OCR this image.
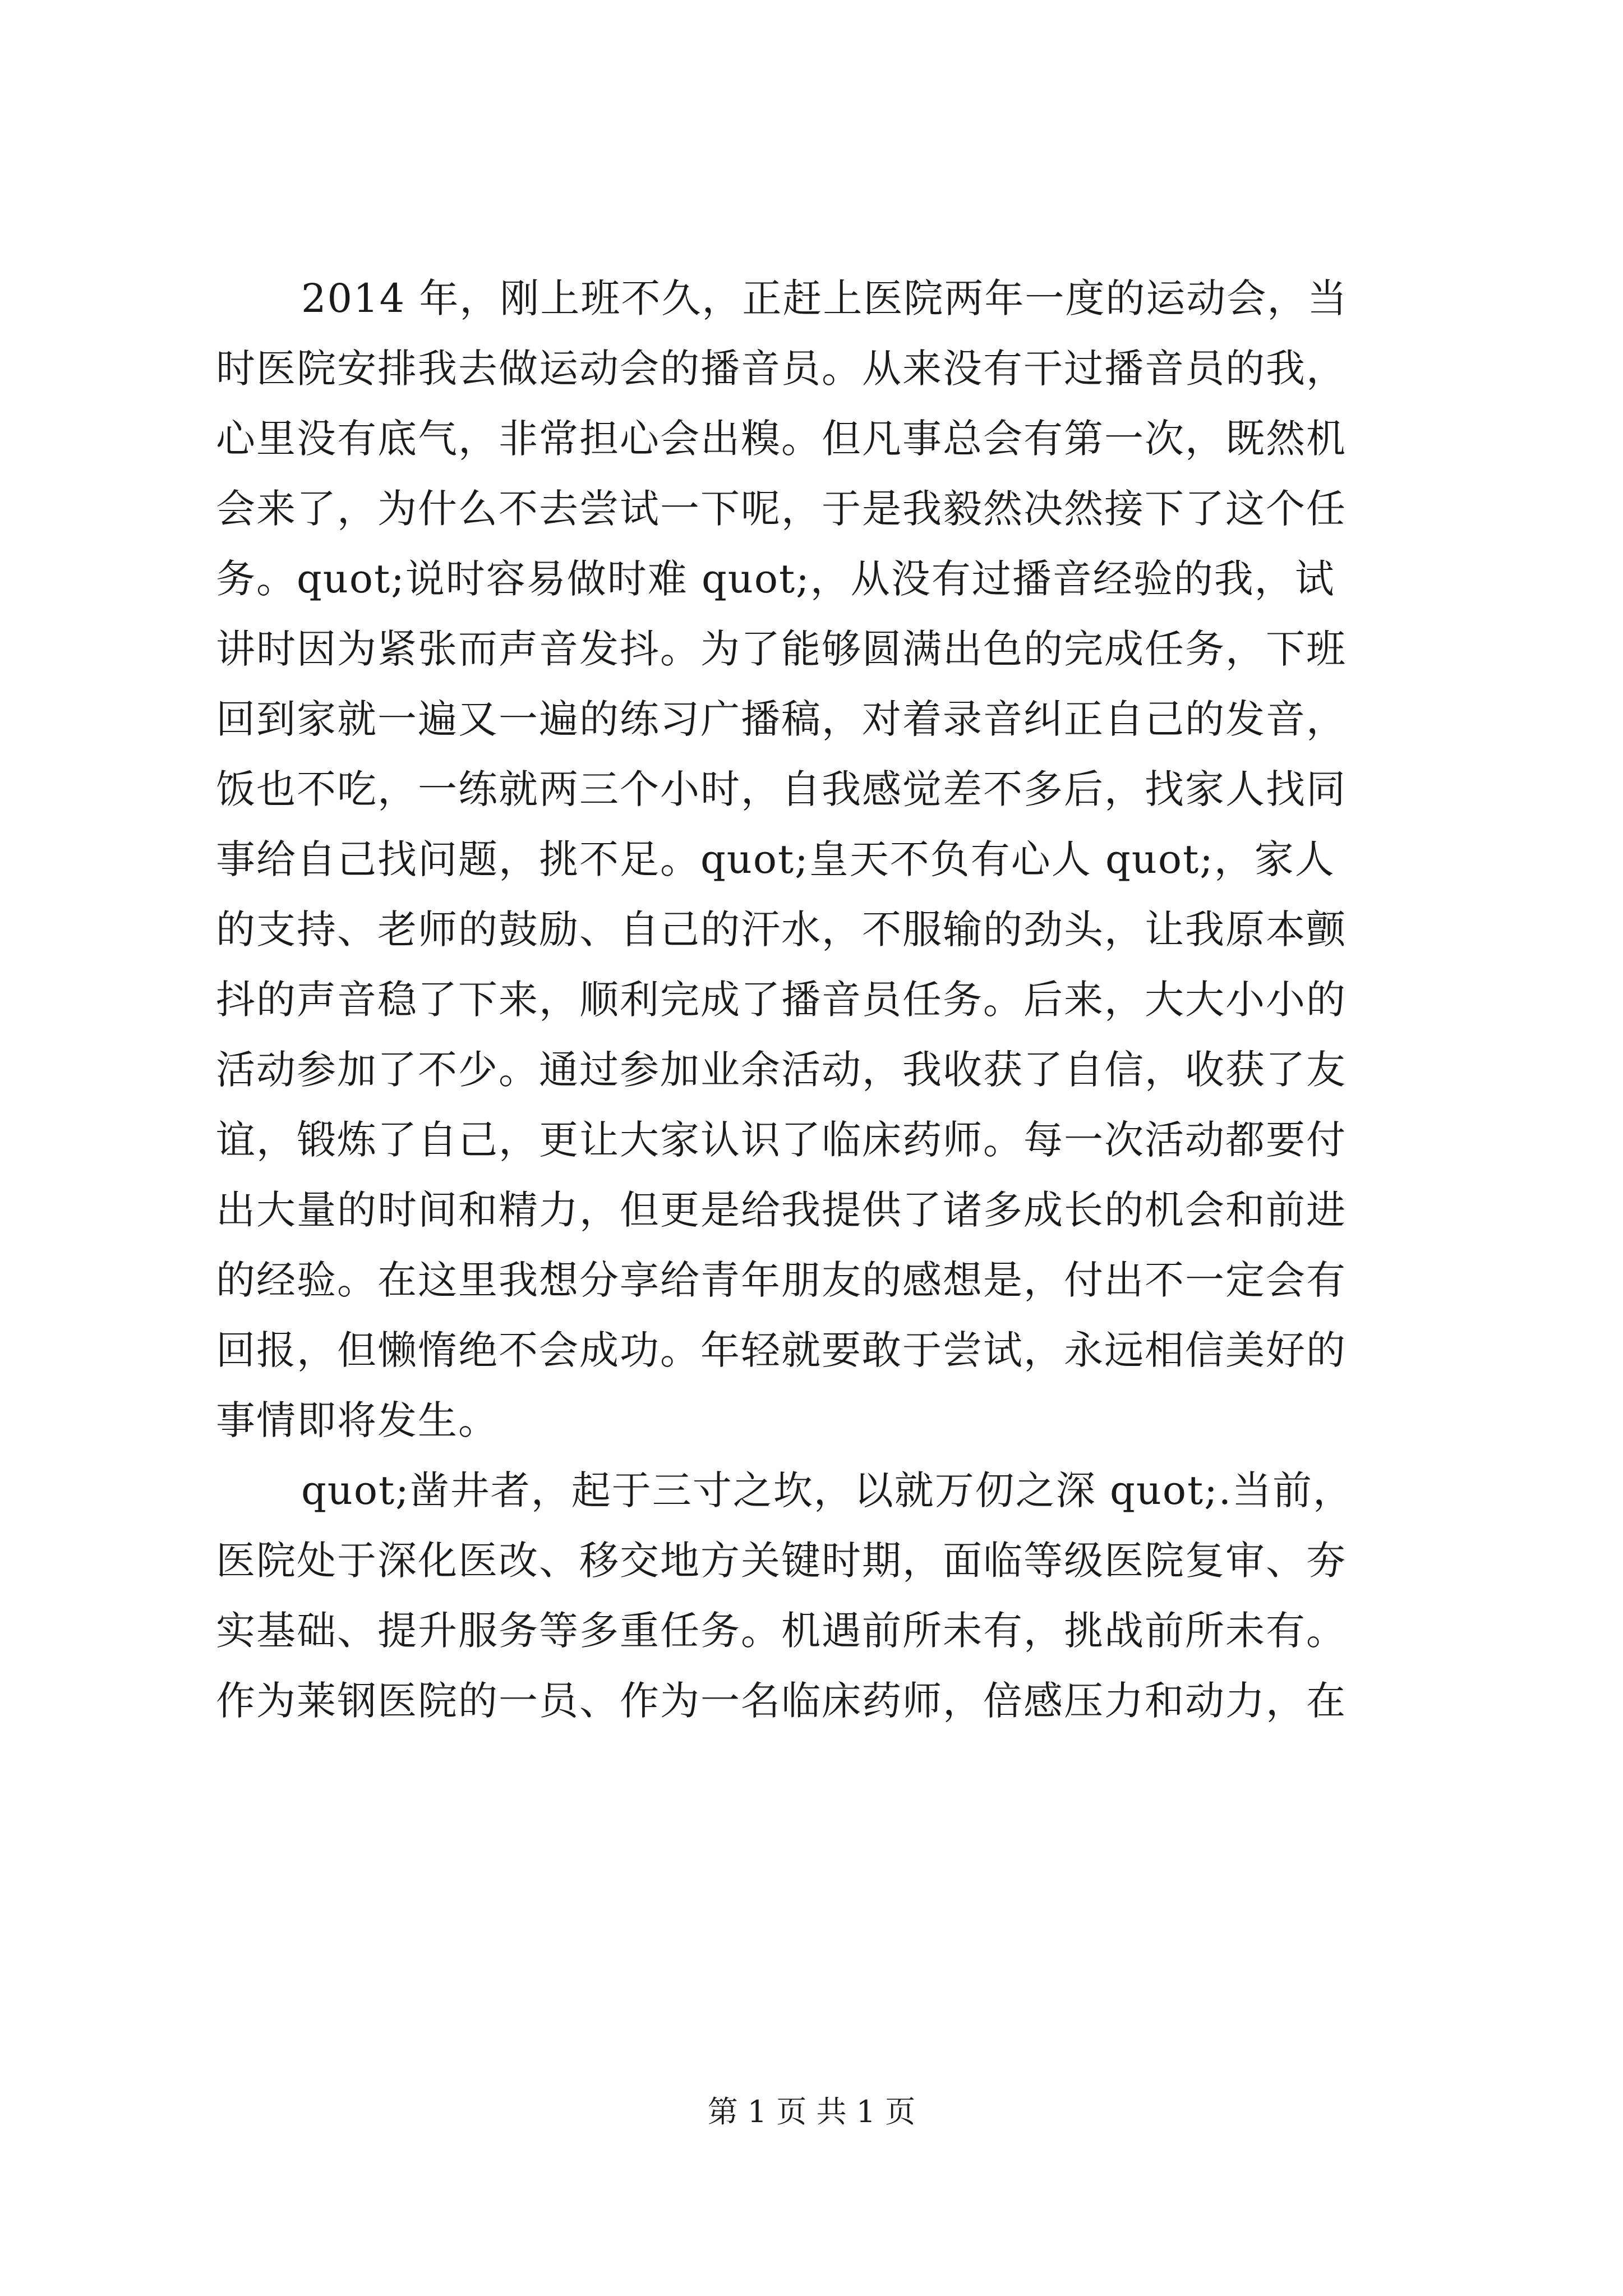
2014 年，刚上班不久，正赶上医院两年一度的运动会，当
时医院安排我去做运动会的播音员。从来没有干过播音员的我，
心里没有底气，非常担心会出糗。但凡事总会有第一次，既然机
会来了，为什么不去尝试一下呢，于是我毅然决然接下了这个任
务。quot;说时容易做时难 quot;，从没有过播音经验的我，试
讲时因为紧张而声音发抖。为了能够圆满出色的完成任务，下班
回到家就一遍又一遍的练习广播稿，对着录音纠正自己的发音，
饭也不吃，一练就两三个小时，自我感觉差不多后，找家人找同
事给自己找问题，挑不足。quot;皇天不负有心人 quot;，家人
的支持、老师的鼓励、自己的汗水，不服输的劲头，让我原本颤
抖的声音稳了下来，顺利完成了播音员任务。后来，大大小小的
活动参加了不少。通过参加业余活动，我收获了自信，收获了友
谊，锻炼了自己，更让大家认识了临床药师。每一次活动都要付
出大量的时间和精力，但更是给我提供了诸多成长的机会和前进
的经验。在这里我想分享给青年朋友的感想是，付出不一定会有
回报，但懒惰绝不会成功。年轻就要敢于尝试，永远相信美好的
事情即将发生。
quot;凿井者，起于三寸之坎，以就万仞之深 quot;.当前，
医院处于深化医改、移交地方关键时期，面临等级医院复审、夯
实基础、提升服务等多重任务。机遇前所未有，挑战前所未有。
作为莱钢医院的一员、作为一名临床药师，倍感压力和动力，在
第 1 页 共 1 页
